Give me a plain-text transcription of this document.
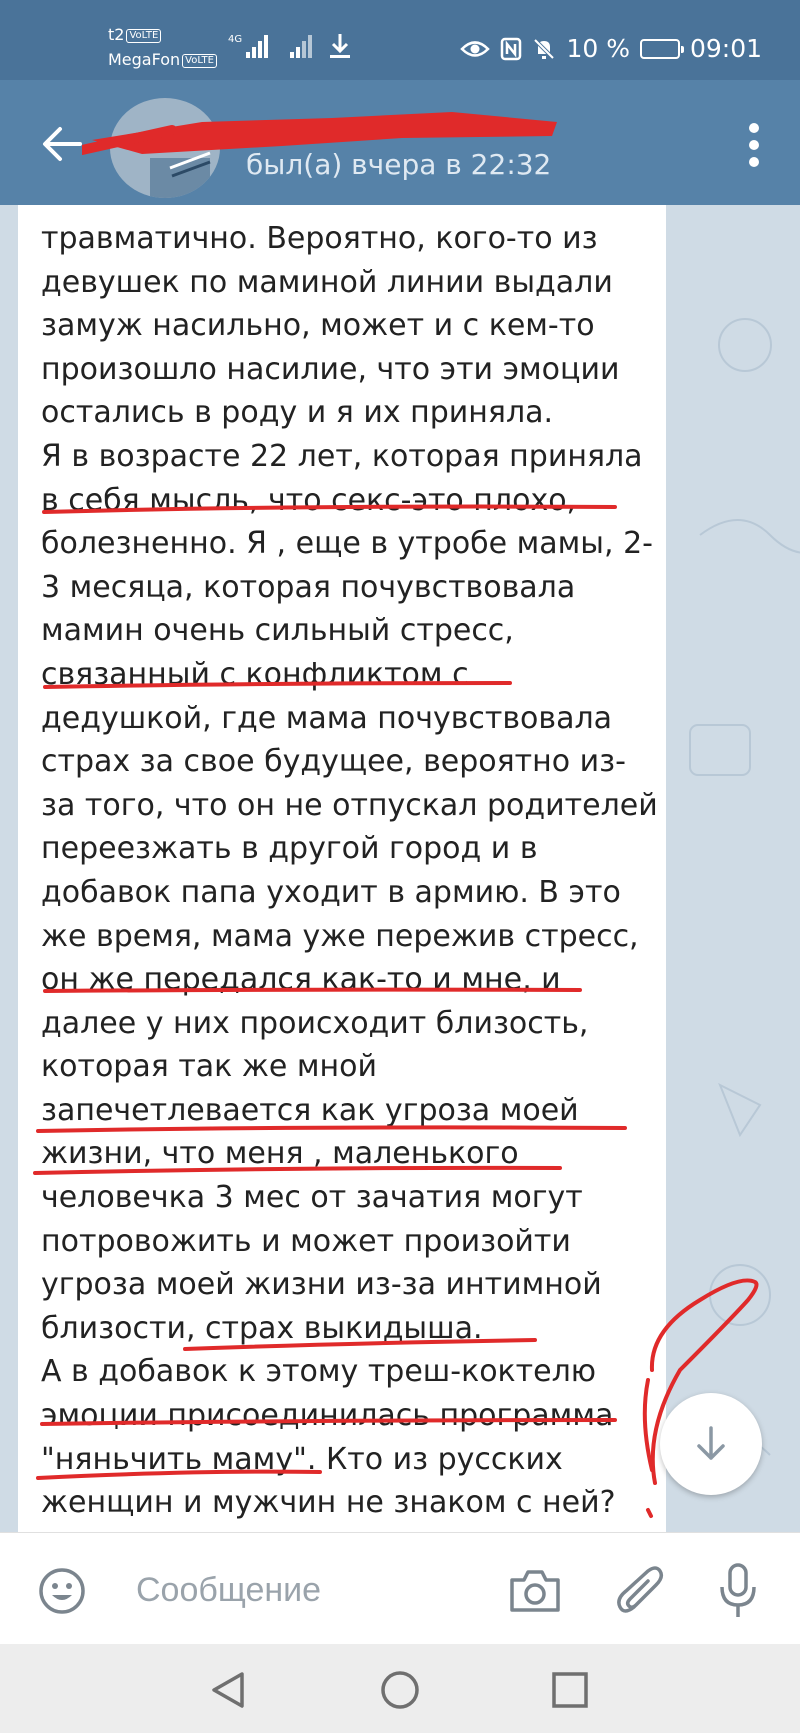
t2 VoLTE
MegaFon VoLTE
4G	10 % 09:01
был(а) вчера в 22:32

травматично. Вероятно, кого-то из
девушек по маминой линии выдали
замуж насильно, может и с кем-то
произошло насилие, что эти эмоции
остались в роду и я их приняла.
Я в возрасте 22 лет, которая приняла
в себя мысль, что секс-это плохо,
болезненно. Я , еще в утробе мамы, 2-
3 месяца, которая почувствовала
мамин очень сильный стресс,
связанный с конфликтом с
дедушкой, где мама почувствовала
страх за свое будущее, вероятно из-
за того, что он не отпускал родителей
переезжать в другой город и в
добавок папа уходит в армию. В это
же время, мама уже пережив стресс,
он же передался как-то и мне, и
далее у них происходит близость,
которая так же мной
запечетлевается как угроза моей
жизни, что меня , маленького
человечка 3 мес от зачатия могут
потровожить и может произойти
угроза моей жизни из-за интимной
близости, страх выкидыша.
А в добавок к этому треш-коктелю
эмоции присоединилась программа
"няньчить маму". Кто из русских
женщин и мужчин не знаком с ней?

Сообщение
